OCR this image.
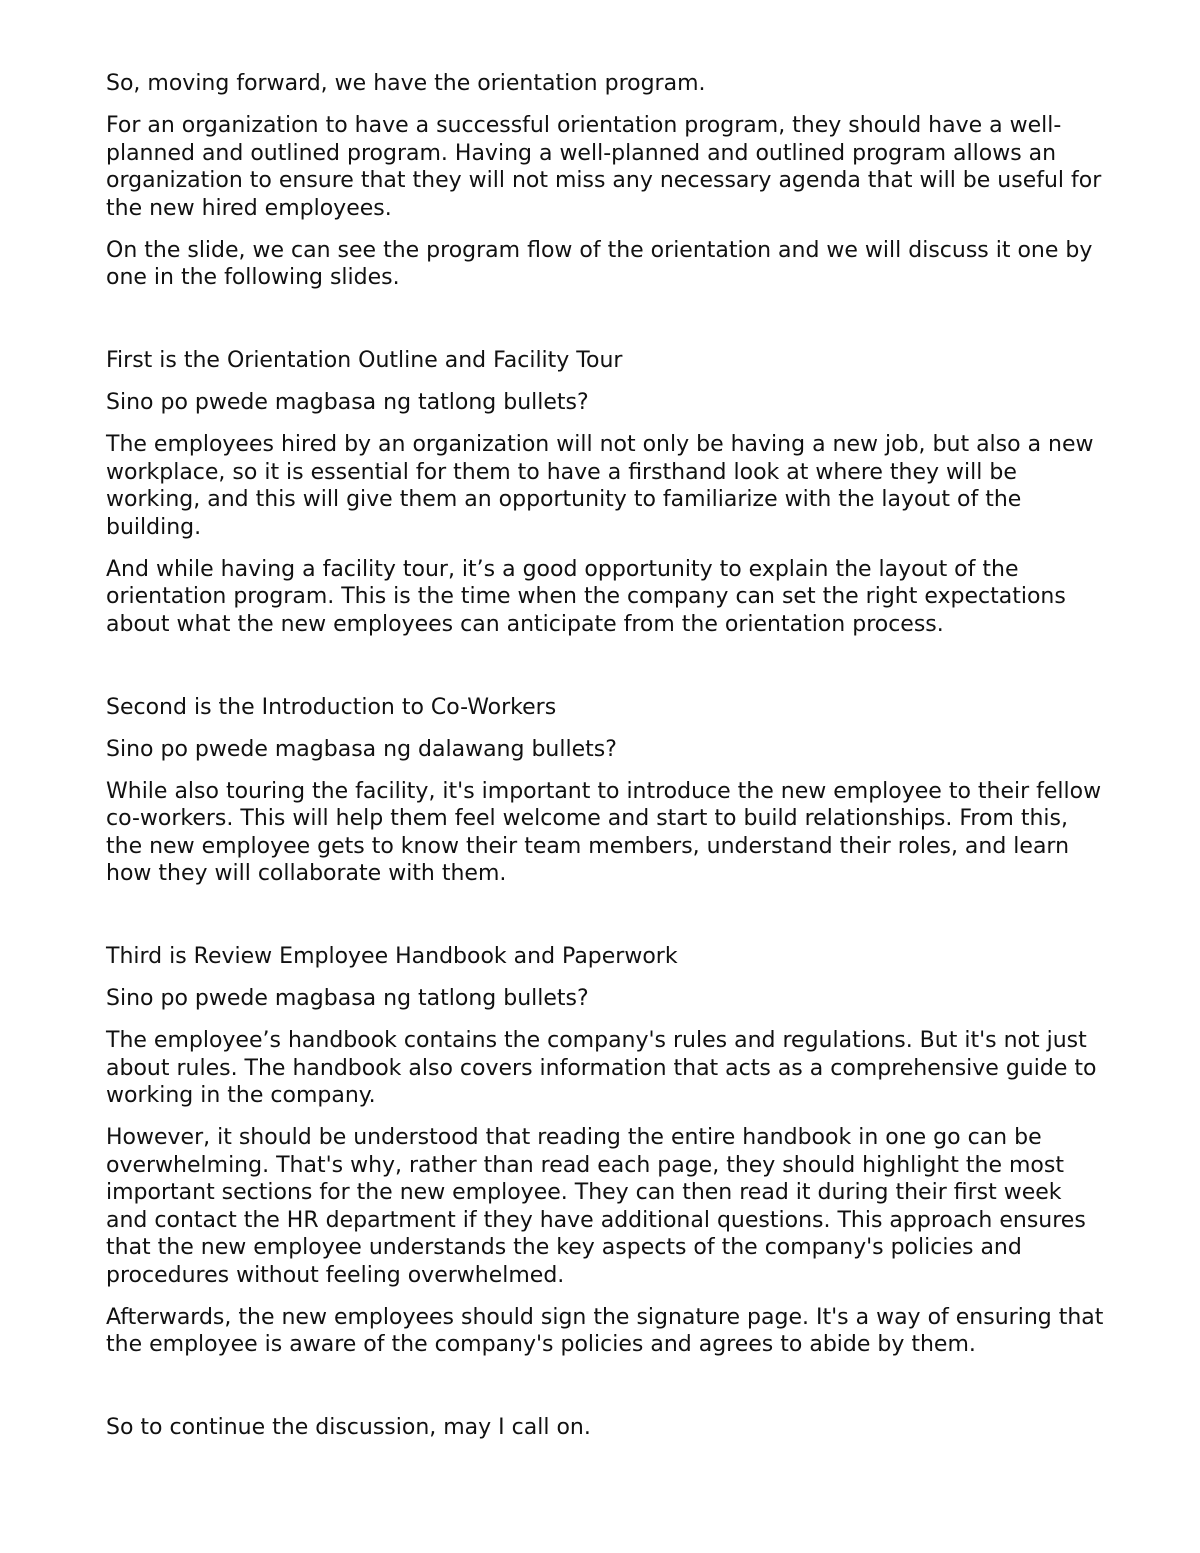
So, moving forward, we have the orientation program.

For an organization to have a successful orientation program, they should have a well-planned and outlined program. Having a well-planned and outlined program allows an organization to ensure that they will not miss any necessary agenda that will be useful for the new hired employees.

On the slide, we can see the program flow of the orientation and we will discuss it one by one in the following slides.

First is the Orientation Outline and Facility Tour

Sino po pwede magbasa ng tatlong bullets?

The employees hired by an organization will not only be having a new job, but also a new workplace, so it is essential for them to have a firsthand look at where they will be working, and this will give them an opportunity to familiarize with the layout of the building.

And while having a facility tour, it’s a good opportunity to explain the layout of the orientation program. This is the time when the company can set the right expectations about what the new employees can anticipate from the orientation process.

Second is the Introduction to Co-Workers

Sino po pwede magbasa ng dalawang bullets?

While also touring the facility, it's important to introduce the new employee to their fellow co-workers. This will help them feel welcome and start to build relationships. From this, the new employee gets to know their team members, understand their roles, and learn how they will collaborate with them.

Third is Review Employee Handbook and Paperwork

Sino po pwede magbasa ng tatlong bullets?

The employee’s handbook contains the company's rules and regulations. But it's not just about rules. The handbook also covers information that acts as a comprehensive guide to working in the company.

However, it should be understood that reading the entire handbook in one go can be overwhelming. That's why, rather than read each page, they should highlight the most important sections for the new employee. They can then read it during their first week and contact the HR department if they have additional questions. This approach ensures that the new employee understands the key aspects of the company's policies and procedures without feeling overwhelmed.

Afterwards, the new employees should sign the signature page. It's a way of ensuring that the employee is aware of the company's policies and agrees to abide by them.

So to continue the discussion, may I call on.
